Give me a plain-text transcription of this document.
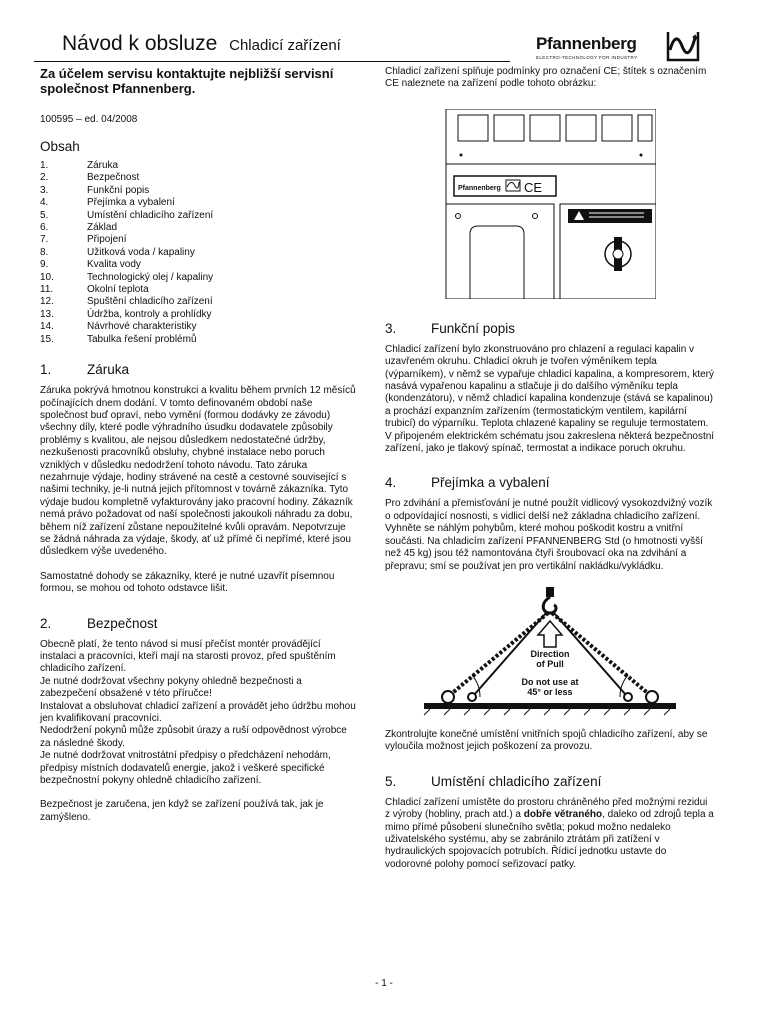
Návod k obsluze Chladicí zařízení	Pfannenberg
ELECTRO-TECHNOLOGY FOR INDUSTRY
Za účelem servisu kontaktujte nejbližší servisní společnost Pfannenberg.
100595 – ed. 04/2008
Obsah
1.	Záruka
2.	Bezpečnost
3.	Funkční popis
4.	Přejímka a vybalení
5.	Umístění chladicího zařízení
6.	Základ
7.	Připojení
8.	Užitková voda / kapaliny
9.	Kvalita vody
10.	Technologický olej / kapaliny
11.	Okolní teplota
12.	Spuštění chladicího zařízení
13.	Údržba, kontroly a prohlídky
14.	Návrhové charakteristiky
15.	Tabulka řešení problémů
1.	Záruka

Záruka pokrývá hmotnou konstrukci a kvalitu během prvních 12 měsíců počínajících dnem dodání. V tomto definovaném období naše společnost buď opraví, nebo vymění (formou dodávky ze závodu) všechny díly, které podle výhradního úsudku dodavatele způsobily problémy s kvalitou, ale nejsou důsledkem nedostatečné údržby, nezkušenosti pracovníků obsluhy, chybné instalace nebo poruch vzniklých v důsledku nedodržení tohoto návodu. Tato záruka nezahrnuje výdaje, hodiny strávené na cestě a cestovné související s našimi techniky, je-li nutná jejich přítomnost v továrně zákazníka. Tyto výdaje budou kompletně vyfakturovány jako pracovní hodiny. Zákazník nemá právo požadovat od naší společnosti jakoukoli náhradu za dobu, během níž zařízení zůstane nepoužitelné kvůli opravám. Nepotvrzuje se žádná náhrada za výdaje, škody, ať už přímé či nepřímé, které jsou důsledkem výše uvedeného.

Samostatné dohody se zákazníky, které je nutné uzavřít písemnou formou, se mohou od tohoto odstavce lišit.

2.	Bezpečnost

Obecně platí, že tento návod si musí přečíst montér provádějící instalaci a pracovníci, kteří mají na starosti provoz, před spuštěním chladicího zařízení.

Je nutné dodržovat všechny pokyny ohledně bezpečnosti a zabezpečení obsažené v této příručce!

Instalovat a obsluhovat chladicí zařízení a provádět jeho údržbu mohou jen kvalifikovaní pracovníci.

Nedodržení pokynů může způsobit úrazy a ruší odpovědnost výrobce za následné škody.

Je nutné dodržovat vnitrostátní předpisy o předcházení nehodám, předpisy místních dodavatelů energie, jakož i veškeré specifické bezpečnostní pokyny ohledně chladicího zařízení.

Bezpečnost je zaručena, jen když se zařízení používá tak, jak je zamýšleno.

Chladicí zařízení splňuje podmínky pro označení CE; štítek s označením CE naleznete na zařízení podle tohoto obrázku:

Pfannenberg CE
3.	Funkční popis

Chladicí zařízení bylo zkonstruováno pro chlazení a regulaci kapalin v uzavřeném okruhu. Chladicí okruh je tvořen výměníkem tepla (výparníkem), v němž se vypařuje chladicí kapalina, a kompresorem, který nasává vypařenou kapalinu a stlačuje ji do dalšího výměníku tepla (kondenzátoru), v němž chladicí kapalina kondenzuje (stává se kapalinou) a prochází expanzním zařízením (termostatickým ventilem, kapilární trubicí) do výparníku. Teplota chlazené kapaliny se reguluje termostatem. V připojeném elektrickém schématu jsou zakreslena některá bezpečnostní zařízení, jako je tlakový spínač, termostat a indikace poruch okruhu.

4.	Přejímka a vybalení

Pro zdvihání a přemisťování je nutné použít vidlicový vysokozdvižný vozík o odpovídající nosnosti, s vidlicí delší než základna chladicího zařízení. Vyhněte se náhlým pohybům, které mohou poškodit kostru a vnitřní součásti. Na chladicím zařízení PFANNENBERG Std (o hmotnosti vyšší než 45 kg) jsou též namontována čtyři šroubovací oka na zdvihání a přepravu; smí se používat jen pro vertikální nakládku/vykládku.

Direction
of Pull
Do not use at
45° or less

Zkontrolujte konečné umístění vnitřních spojů chladicího zařízení, aby se vyloučila možnost jejich poškození za provozu.

5.	Umístění chladicího zařízení

Chladicí zařízení umístěte do prostoru chráněného před možnými rezidui z výroby (hobliny, prach atd.) a dobře větraného, daleko od zdrojů tepla a mimo přímé působení slunečního světla; pokud možno nedaleko uživatelského systému, aby se zabránilo ztrátám při zatížení v hydraulických spojovacích potrubích. Řídicí jednotku ustavte do vodorovné polohy pomocí seřizovací patky.

- 1 -
